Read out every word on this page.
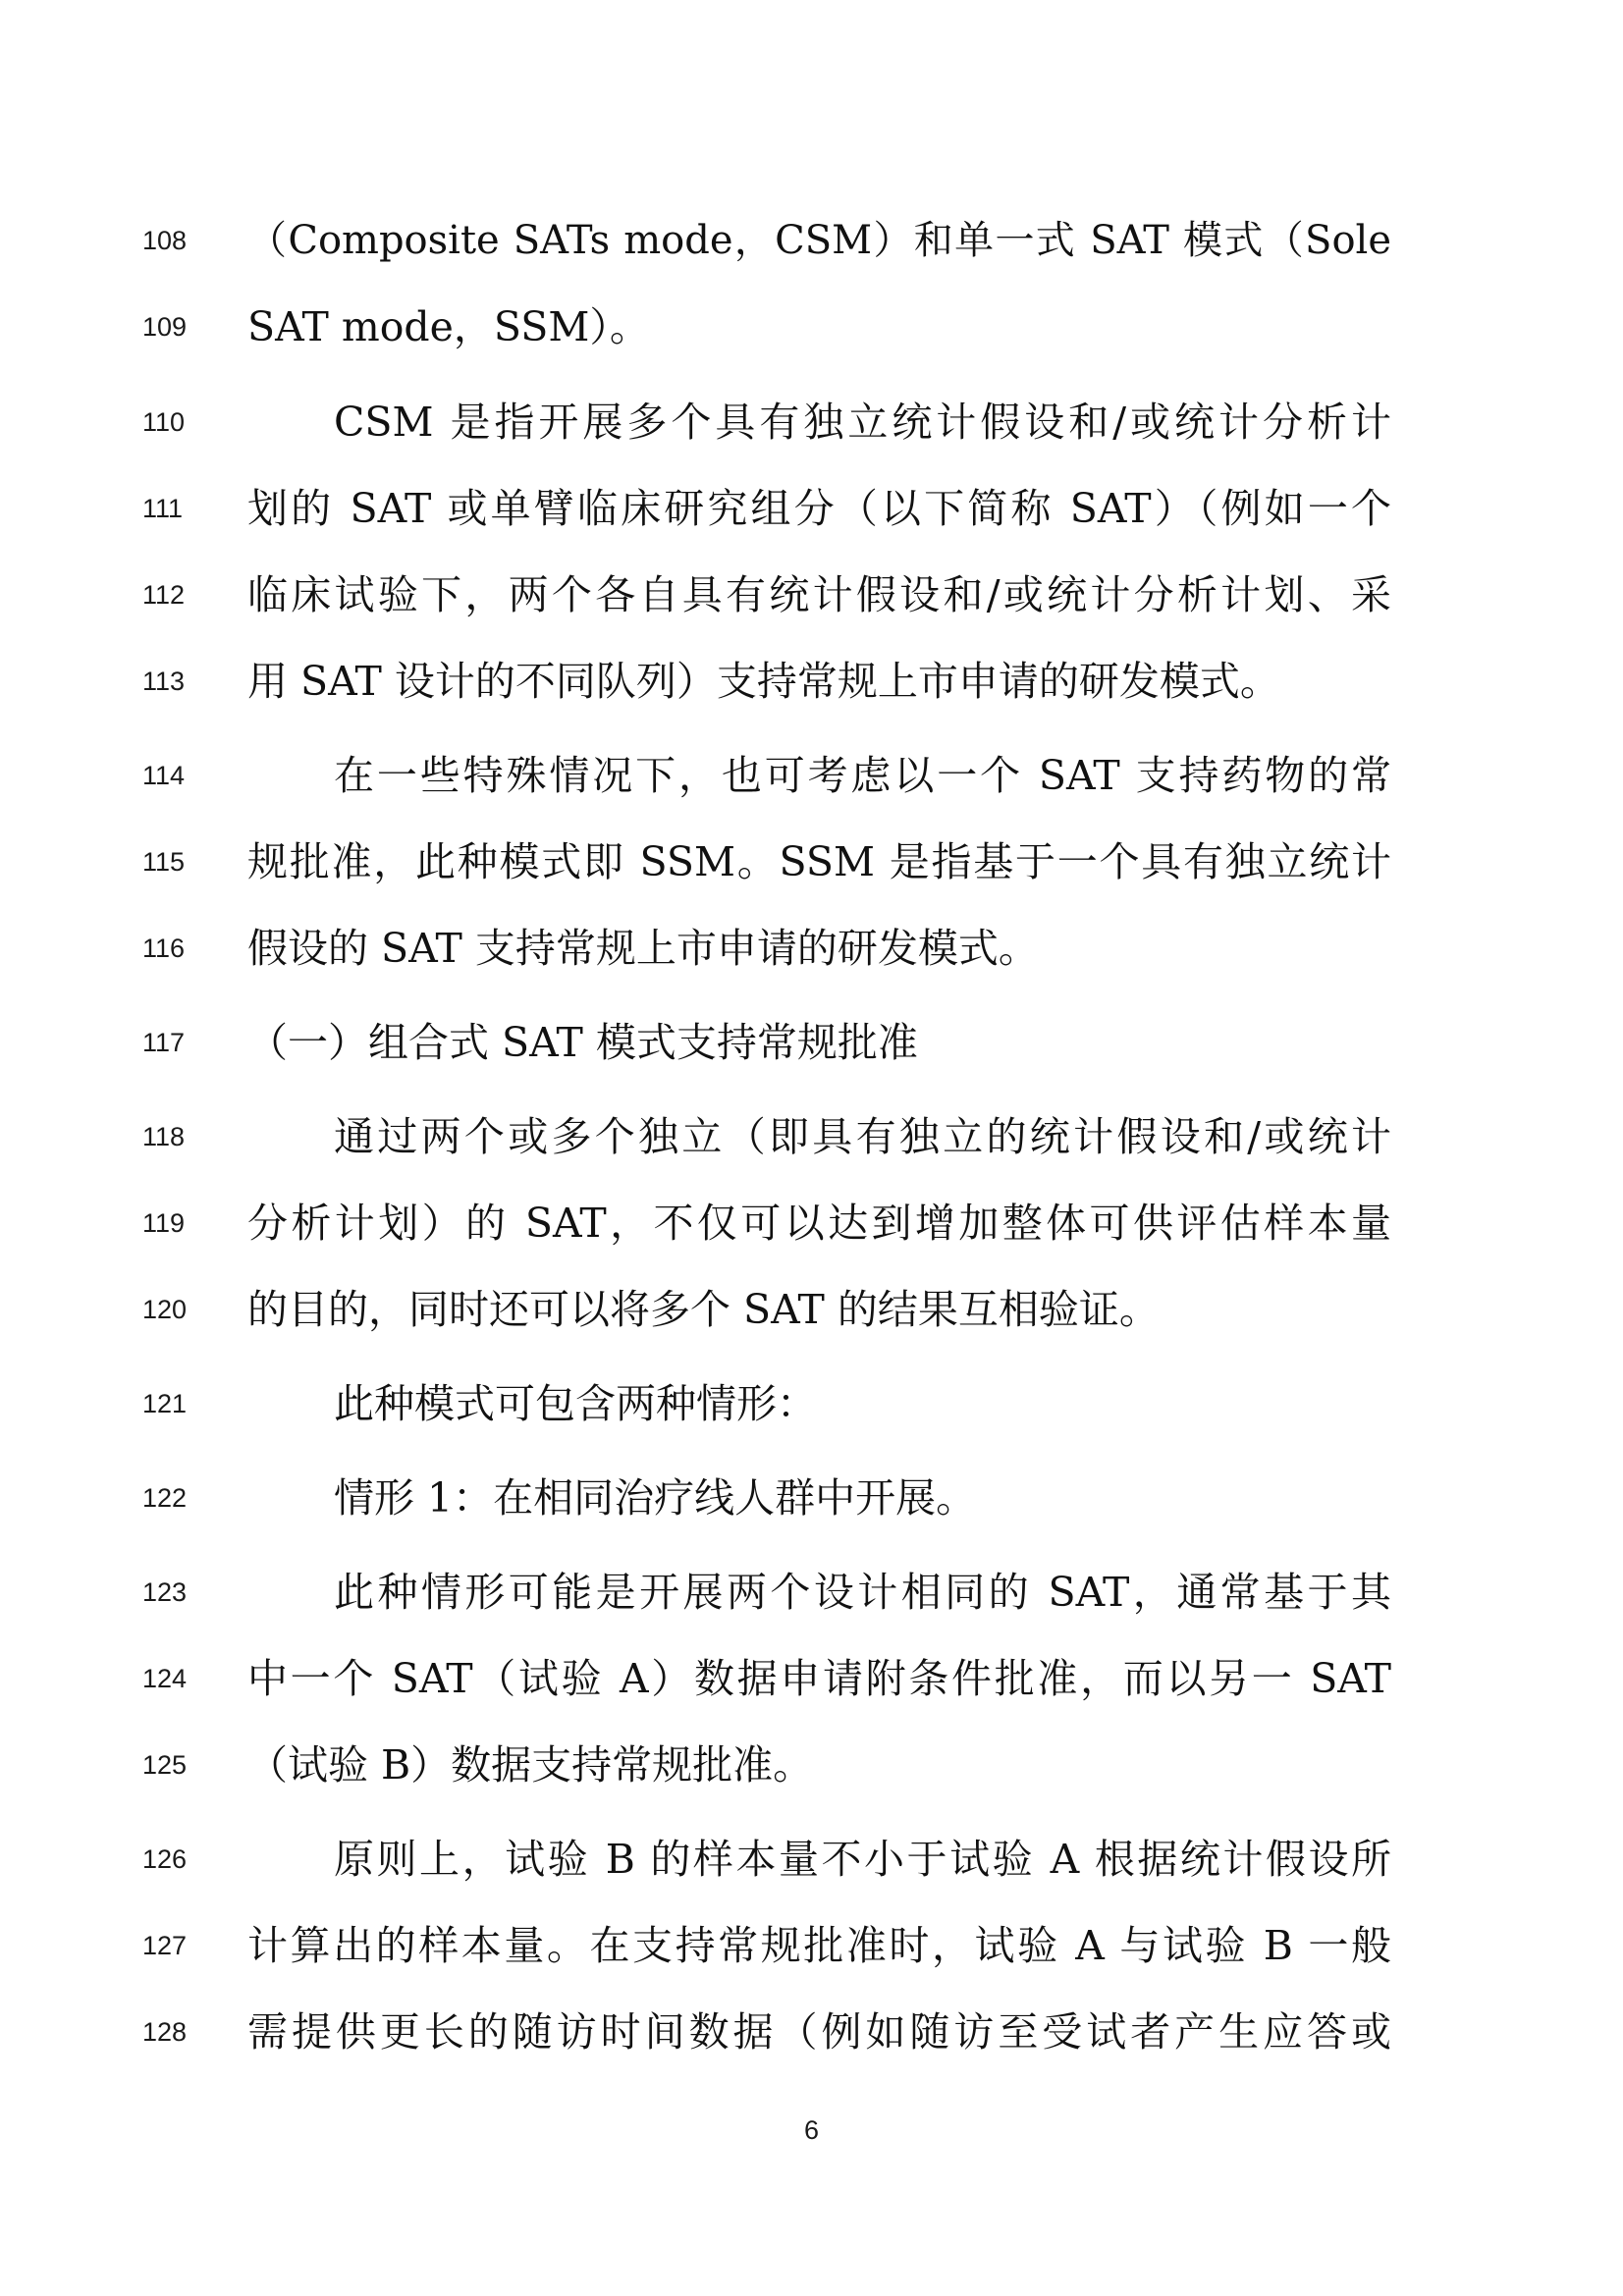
108	（Composite SATs mode，CSM）和单一式 SAT 模式（Sole
109	SAT mode，SSM）。
110	CSM 是指开展多个具有独立统计假设和/或统计分析计
111	划的 SAT 或单臂临床研究组分（以下简称 SAT）（例如一个
112	临床试验下，两个各自具有统计假设和/或统计分析计划、采
113	用 SAT 设计的不同队列）支持常规上市申请的研发模式。
114	在一些特殊情况下，也可考虑以一个 SAT 支持药物的常
115	规批准，此种模式即 SSM。SSM 是指基于一个具有独立统计
116	假设的 SAT 支持常规上市申请的研发模式。
117	（一）组合式 SAT 模式支持常规批准
118	通过两个或多个独立（即具有独立的统计假设和/或统计
119	分析计划）的 SAT，不仅可以达到增加整体可供评估样本量
120	的目的，同时还可以将多个 SAT 的结果互相验证。
121	此种模式可包含两种情形：
122	情形 1：在相同治疗线人群中开展。
123	此种情形可能是开展两个设计相同的 SAT，通常基于其
124	中一个 SAT（试验 A）数据申请附条件批准，而以另一 SAT
125	（试验 B）数据支持常规批准。
126	原则上，试验 B 的样本量不小于试验 A 根据统计假设所
127	计算出的样本量。在支持常规批准时，试验 A 与试验 B 一般
128	需提供更长的随访时间数据（例如随访至受试者产生应答或
6
